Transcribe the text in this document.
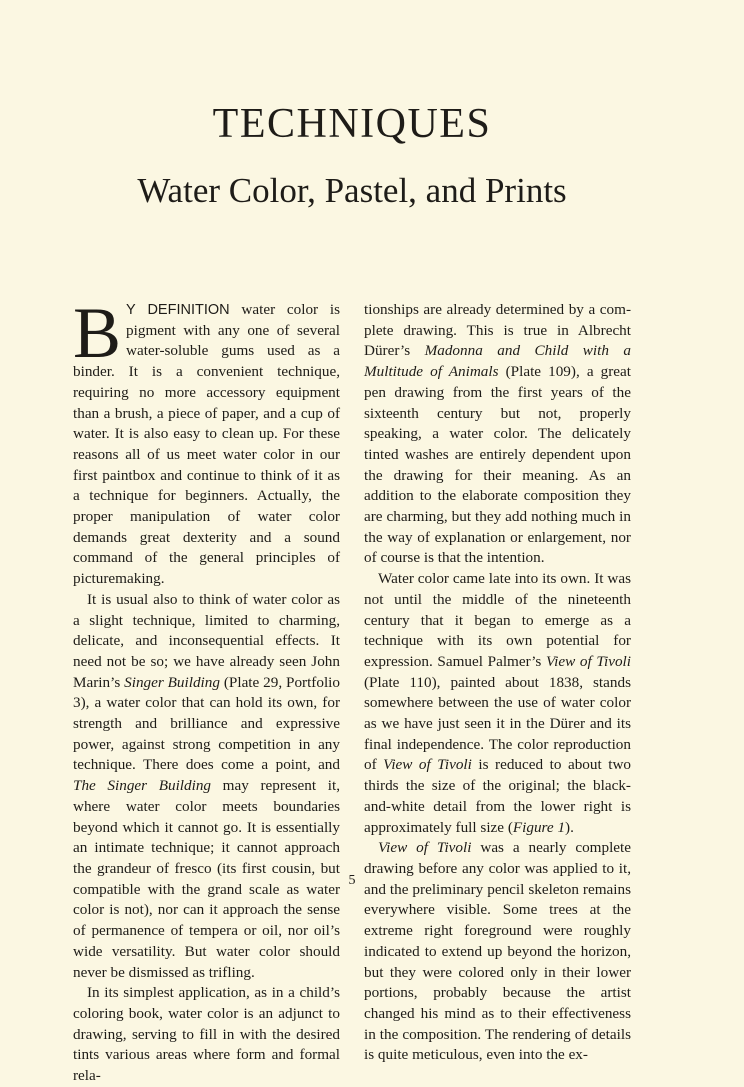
TECHNIQUES
Water Color, Pastel, and Prints

B Y DEFINITION water color is pigment with any one of several water-soluble gums used as a binder. It is a convenient technique, requiring no more accessory equipment than a brush, a piece of paper, and a cup of water. It is also easy to clean up. For these reasons all of us meet water color in our first paintbox and continue to think of it as a technique for beginners. Actually, the proper manipulation of water color demands great dexterity and a sound command of the general principles of picturemaking.

It is usual also to think of water color as a slight technique, limited to charming, delicate, and inconsequential effects. It need not be so; we have already seen John Marin’s Singer Building (Plate 29, Portfolio 3), a water color that can hold its own, for strength and brilliance and expressive power, against strong competition in any technique. There does come a point, and The Singer Building may represent it, where water color meets boundaries beyond which it cannot go. It is essentially an intimate technique; it cannot approach the grandeur of fresco (its first cousin, but compatible with the grand scale as water color is not), nor can it approach the sense of permanence of tempera or oil, nor oil’s wide versatility. But water color should never be dismissed as trifling.

In its simplest application, as in a child’s coloring book, water color is an adjunct to drawing, serving to fill in with the desired tints various areas where form and formal rela-

tionships are already determined by a complete drawing. This is true in Albrecht Dürer’s Madonna and Child with a Multitude of Animals (Plate 109), a great pen drawing from the first years of the sixteenth century but not, properly speaking, a water color. The delicately tinted washes are entirely dependent upon the drawing for their meaning. As an addition to the elaborate composition they are charming, but they add nothing much in the way of explanation or enlargement, nor of course is that the intention.

Water color came late into its own. It was not until the middle of the nineteenth century that it began to emerge as a technique with its own potential for expression. Samuel Palmer’s View of Tivoli (Plate 110), painted about 1838, stands somewhere between the use of water color as we have just seen it in the Dürer and its final independence. The color reproduction of View of Tivoli is reduced to about two thirds the size of the original; the black-and-white detail from the lower right is approximately full size (Figure 1).

View of Tivoli was a nearly complete drawing before any color was applied to it, and the preliminary pencil skeleton remains everywhere visible. Some trees at the extreme right foreground were roughly indicated to extend up beyond the horizon, but they were colored only in their lower portions, probably because the artist changed his mind as to their effectiveness in the composition. The rendering of details is quite meticulous, even into the ex-

5
